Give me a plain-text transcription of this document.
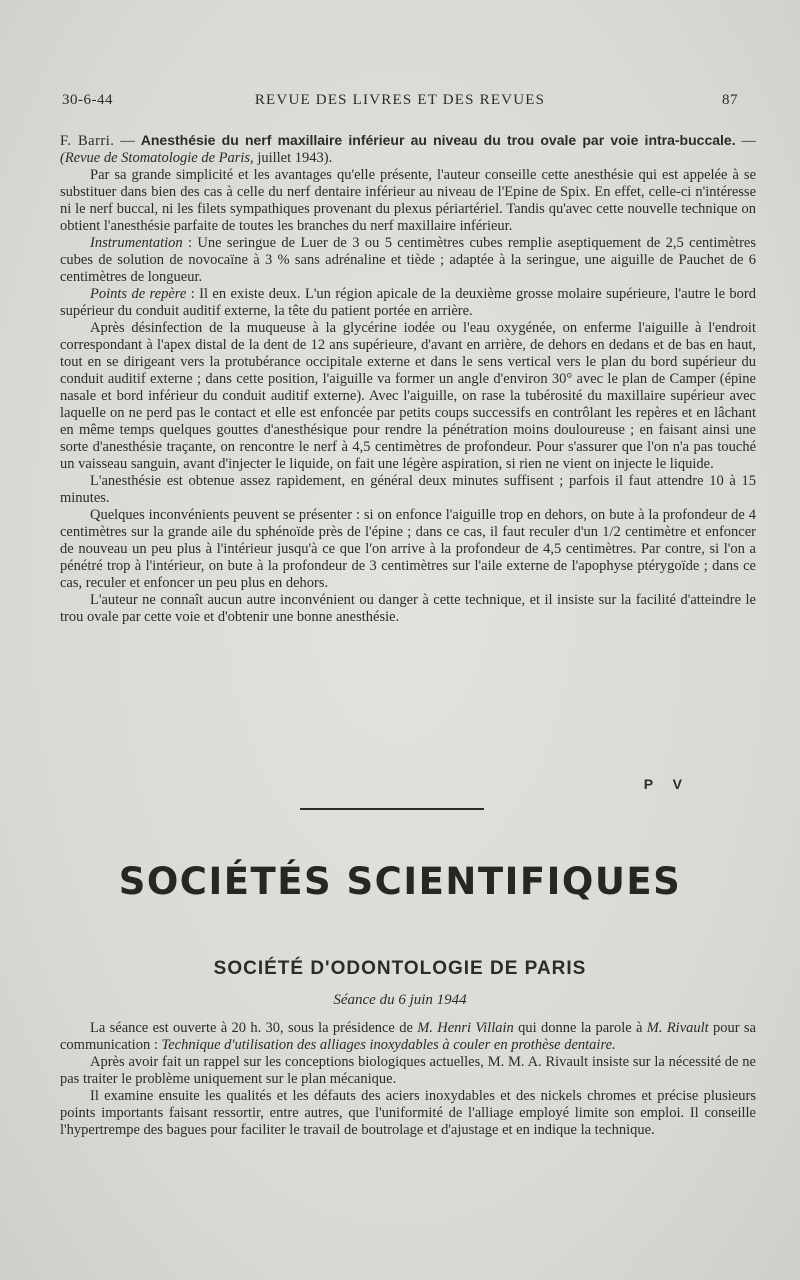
30-6-44	REVUE DES LIVRES ET DES REVUES	87

F. Barri. — Anesthésie du nerf maxillaire inférieur au niveau du trou ovale par voie intra-buccale. — (Revue de Stomatologie de Paris, juillet 1943).

Par sa grande simplicité et les avantages qu'elle présente, l'auteur conseille cette anesthésie qui est appelée à se substituer dans bien des cas à celle du nerf dentaire inférieur au niveau de l'Epine de Spix. En effet, celle-ci n'intéresse ni le nerf buccal, ni les filets sympathiques provenant du plexus périartériel. Tandis qu'avec cette nouvelle technique on obtient l'anesthésie parfaite de toutes les branches du nerf maxillaire inférieur.

Instrumentation : Une seringue de Luer de 3 ou 5 centimètres cubes remplie aseptiquement de 2,5 centimètres cubes de solution de novocaïne à 3 % sans adrénaline et tiède ; adaptée à la seringue, une aiguille de Pauchet de 6 centimètres de longueur.

Points de repère : Il en existe deux. L'un région apicale de la deuxième grosse molaire supérieure, l'autre le bord supérieur du conduit auditif externe, la tête du patient portée en arrière.

Après désinfection de la muqueuse à la glycérine iodée ou l'eau oxygénée, on enferme l'aiguille à l'endroit correspondant à l'apex distal de la dent de 12 ans supérieure, d'avant en arrière, de dehors en dedans et de bas en haut, tout en se dirigeant vers la protubérance occipitale externe et dans le sens vertical vers le plan du bord supérieur du conduit auditif externe ; dans cette position, l'aiguille va former un angle d'environ 30° avec le plan de Camper (épine nasale et bord inférieur du conduit auditif externe). Avec l'aiguille, on rase la tubérosité du maxillaire supérieur avec laquelle on ne perd pas le contact et elle est enfoncée par petits coups successifs en contrôlant les repères et en lâchant en même temps quelques gouttes d'anesthésique pour rendre la pénétration moins douloureuse ; en faisant ainsi une sorte d'anesthésie traçante, on rencontre le nerf à 4,5 centimètres de profondeur. Pour s'assurer que l'on n'a pas touché un vaisseau sanguin, avant d'injecter le liquide, on fait une légère aspiration, si rien ne vient on injecte le liquide.

L'anesthésie est obtenue assez rapidement, en général deux minutes suffisent ; parfois il faut attendre 10 à 15 minutes.

Quelques inconvénients peuvent se présenter : si on enfonce l'aiguille trop en dehors, on bute à la profondeur de 4 centimètres sur la grande aile du sphénoïde près de l'épine ; dans ce cas, il faut reculer d'un 1/2 centimètre et enfoncer de nouveau un peu plus à l'intérieur jusqu'à ce que l'on arrive à la profondeur de 4,5 centimètres. Par contre, si l'on a pénétré trop à l'intérieur, on bute à la profondeur de 3 centimètres sur l'aile externe de l'apophyse ptérygoïde ; dans ce cas, reculer et enfoncer un peu plus en dehors.

L'auteur ne connaît aucun autre inconvénient ou danger à cette technique, et il insiste sur la facilité d'atteindre le trou ovale par cette voie et d'obtenir une bonne anesthésie.

P V
SOCIÉTÉS SCIENTIFIQUES
SOCIÉTÉ D'ODONTOLOGIE DE PARIS
Séance du 6 juin 1944

La séance est ouverte à 20 h. 30, sous la présidence de M. Henri Villain qui donne la parole à M. Rivault pour sa communication : Technique d'utilisation des alliages inoxydables à couler en prothèse dentaire.

Après avoir fait un rappel sur les conceptions biologiques actuelles, M. M. A. Rivault insiste sur la nécessité de ne pas traiter le problème uniquement sur le plan mécanique.

Il examine ensuite les qualités et les défauts des aciers inoxydables et des nickels chromes et précise plusieurs points importants faisant ressortir, entre autres, que l'uniformité de l'alliage employé limite son emploi. Il conseille l'hypertrempe des bagues pour faciliter le travail de boutrolage et d'ajustage et en indique la technique.
